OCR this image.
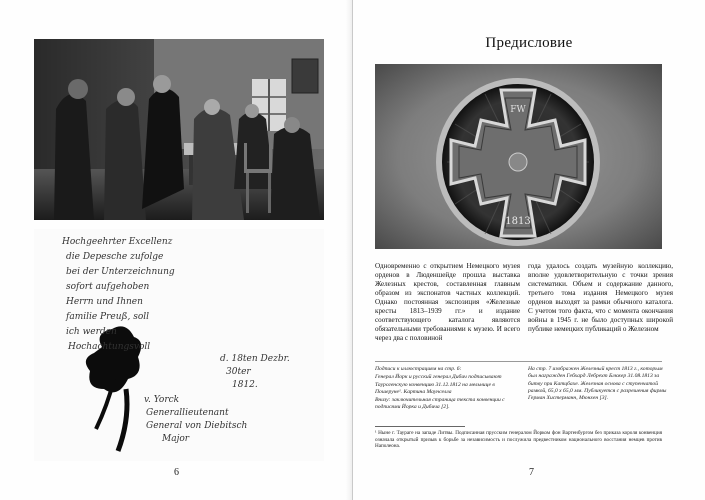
Hochgeehrter Excellenz
die Depesche zufolge
bei der Unterzeichnung
sofort aufgehoben
Herrn und Ihnen
familie Preuß, soll
ich werden
Hochachtungsvoll
d. 18ten Dezbr.
30ter
1812.
v. Yorck
Generallieutenant
General von Diebitsch
Major
6
Предисловие
FW
1813

Одновременно с открытием Немецкого музея орденов в Люденшейде прошла выставка Железных крестов, составленная главным образом из экспонатов частных коллекций. Однако постоянная экспозиция «Железные кресты 1813–1939 гг.» и издание соответствующего каталога являются обязательными требованиями к музею. И всего через два с половиной

года удалось создать музейную коллекцию, вполне удовлетворительную с точки зрения систематики. Объем и содержание данного, третьего тома издания Немецкого музея орденов выходят за рамки обычного каталога. С учетом того факта, что с момента окончания войны в 1945 г. не было доступных широкой публике немецких публикаций о Железном

Подписи к иллюстрациям на стр. 6:

Генерал Йорк и русский генерал Дибич подписывают Таурогенскую конвенцию 31.12.1812 на мельнице в Пошеруне¹. Картина Маунселла

Внизу: заключительная страница текста конвенции с подписями Йорка и Дибича [2].

На стр. 7 изображен Железный крест 1813 г., которым был награжден Гебхард Лебрехт Блюхер 31.08.1813 за битву при Катцбахе. Железная основа с ступенчатой рамкой, 65,0 х 65,0 мм. Публикуется с разрешения фирмы Герман Хистерманн, Мюнхен [3].

¹ Ныне г. Таураге на западе Литвы. Подписанная прусским генералом Йорком фон Вартенбургом без приказа короля конвенция означала открытый призыв к борьбе за независимость и послужила предвестником национального восстания немцев против Наполеона.
7
